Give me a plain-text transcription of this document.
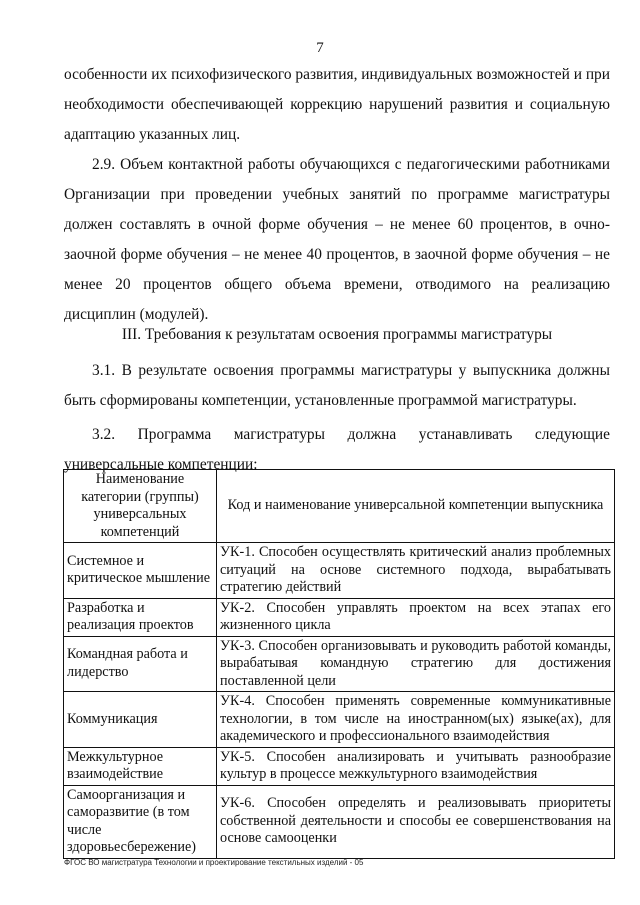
7

особенности их психофизического развития, индивидуальных возможностей и при необходимости обеспечивающей коррекцию нарушений развития и социальную адаптацию указанных лиц.

2.9. Объем контактной работы обучающихся с педагогическими работниками Организации при проведении учебных занятий по программе магистратуры должен составлять в очной форме обучения – не менее 60 процентов, в очно-заочной форме обучения – не менее 40 процентов, в заочной форме обучения – не менее 20 процентов общего объема времени, отводимого на реализацию дисциплин (модулей).

III. Требования к результатам освоения программы магистратуры

3.1. В результате освоения программы магистратуры у выпускника должны быть сформированы компетенции, установленные программой магистратуры.

3.2. Программа магистратуры должна устанавливать следующие универсальные компетенции:

Наименование категории (группы) универсальных компетенций	Код и наименование универсальной компетенции выпускника
Системное и критическое мышление	УК-1. Способен осуществлять критический анализ проблемных ситуаций на основе системного подхода, вырабатывать стратегию действий
Разработка и реализация проектов	УК-2. Способен управлять проектом на всех этапах его жизненного цикла
Командная работа и лидерство	УК-3. Способен организовывать и руководить работой команды, вырабатывая командную стратегию для достижения поставленной цели
Коммуникация	УК-4. Способен применять современные коммуникативные технологии, в том числе на иностранном(ых) языке(ах), для академического и профессионального взаимодействия
Межкультурное взаимодействие	УК-5. Способен анализировать и учитывать разнообразие культур в процессе межкультурного взаимодействия
Самоорганизация и саморазвитие (в том числе здоровьесбережение)	УК-6. Способен определять и реализовывать приоритеты собственной деятельности и способы ее совершенствования на основе самооценки
ФГОС ВО магистратура Технологии и проектирование текстильных изделий - 05
